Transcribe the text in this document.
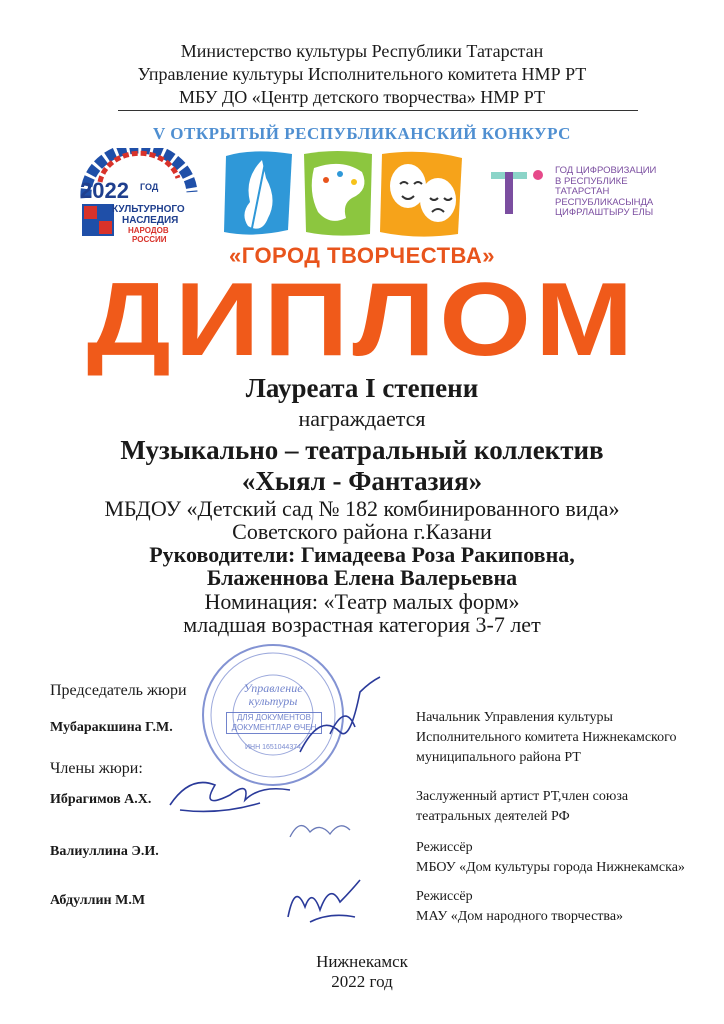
Министерство культуры Республики Татарстан
Управление культуры Исполнительного комитета НМР РТ
МБУ ДО «Центр детского творчества» НМР РТ
V ОТКРЫТЫЙ РЕСПУБЛИКАНСКИЙ КОНКУРС
2022 ГОД
КУЛЬТУРНОГО
НАСЛЕДИЯ
НАРОДОВ
РОССИИ
ГОД ЦИФРОВИЗАЦИИ
В РЕСПУБЛИКЕ
ТАТАРСТАН
РЕСПУБЛИКАСЫНДА
ЦИФРЛАШТЫРУ ЕЛЫ
«ГОРОД ТВОРЧЕСТВА»
ДИПЛОМ
Лауреата I степени
награждается
Музыкально – театральный коллектив
«Хыял - Фантазия»
МБДОУ «Детский сад № 182 комбинированного вида»
Советского района г.Казани
Руководители: Гимадеева Роза Ракиповна,
Блаженнова Елена Валерьевна
Номинация: «Театр малых форм»
младшая возрастная категория 3-7 лет
Управление
культуры
ДЛЯ ДОКУМЕНТОВ
ДОКУМЕНТЛАР ӨЧЕН
ИНН 1651044374
Председатель жюри
Мубаракшина Г.М.
Начальник Управления культуры
Исполнительного комитета Нижнекамского
муниципального района РТ
Члены жюри:
Ибрагимов А.Х.	Заслуженный артист РТ,член союза
театральных деятелей РФ
Валиуллина Э.И.	Режиссёр
МБОУ «Дом культуры города Нижнекамска»
Абдуллин М.М	Режиссёр
МАУ «Дом народного творчества»
Нижнекамск
2022 год
